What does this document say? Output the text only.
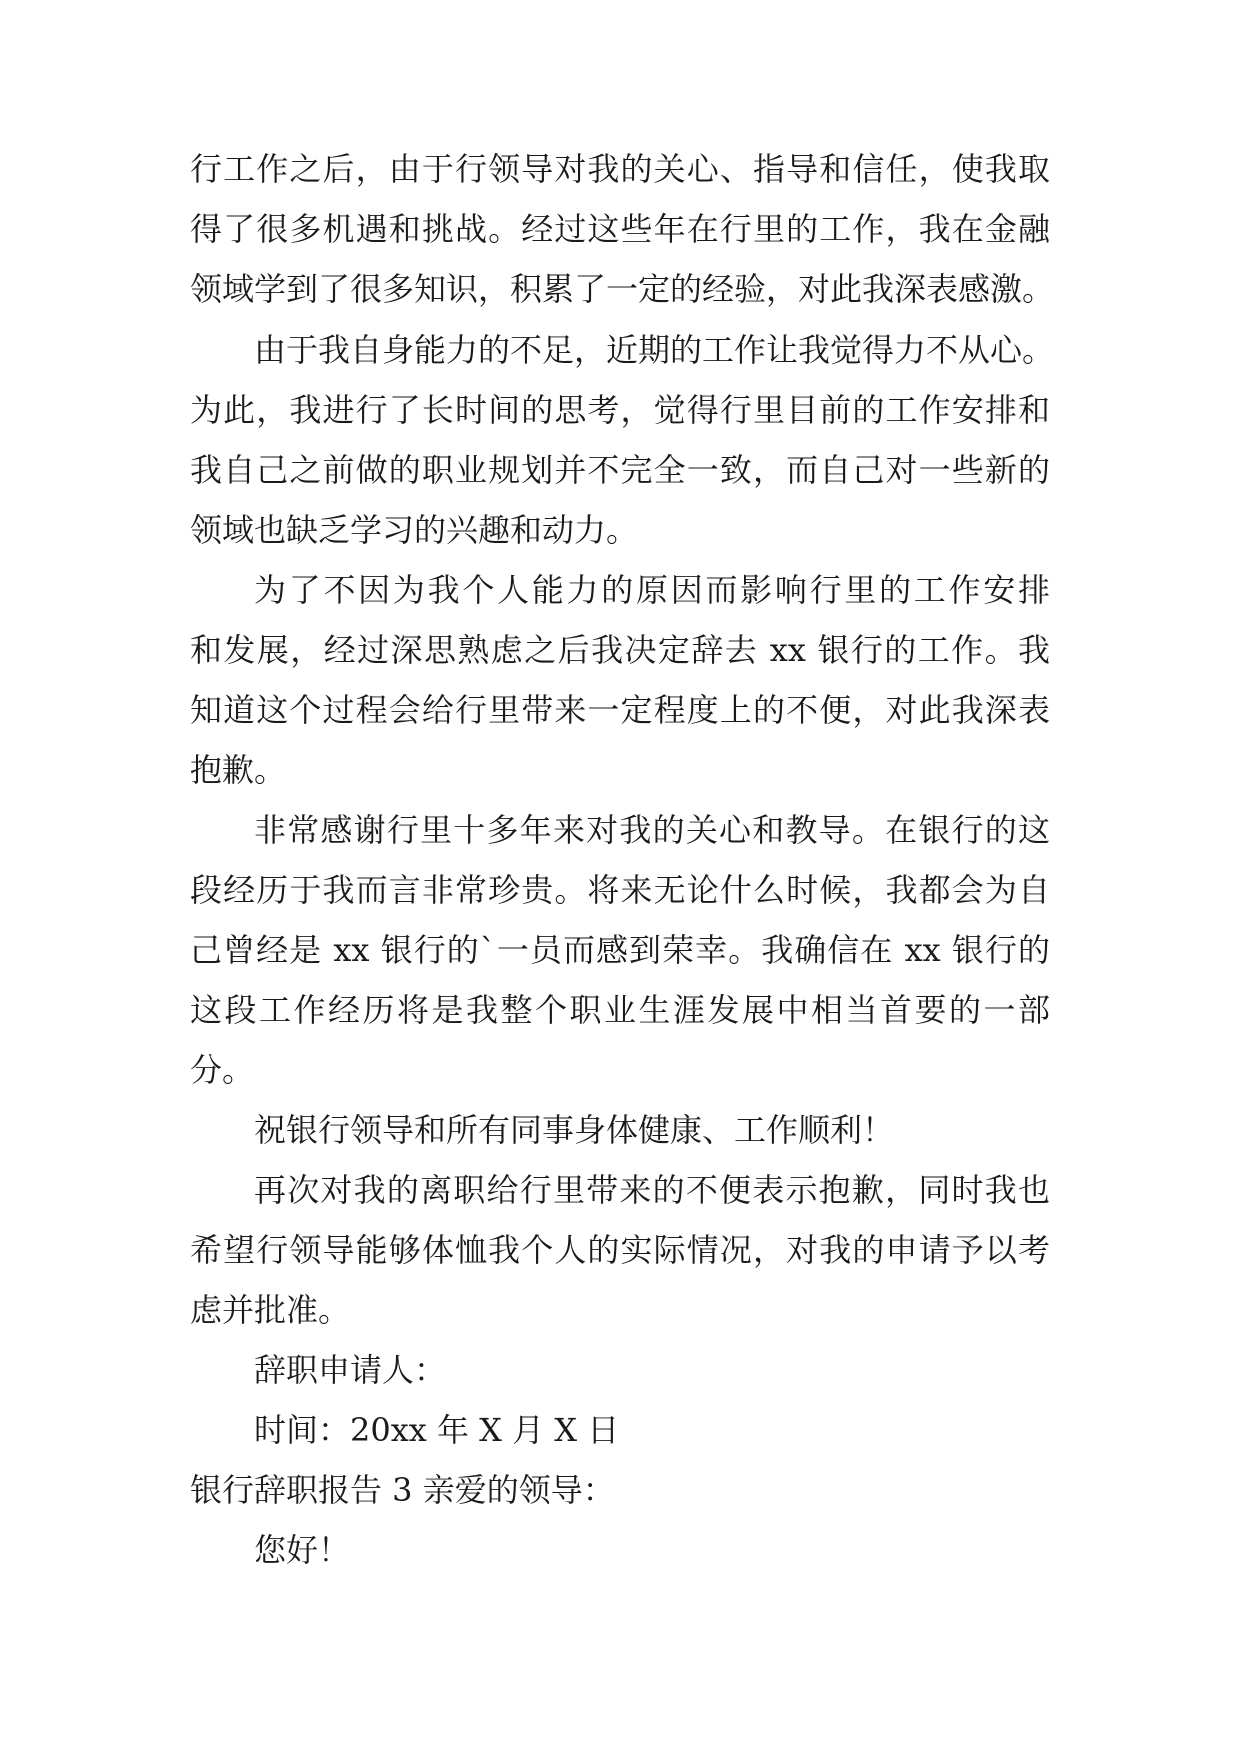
行工作之后，由于行领导对我的关心、指导和信任，使我取
得了很多机遇和挑战。经过这些年在行里的工作，我在金融
领域学到了很多知识，积累了一定的经验，对此我深表感激。
由于我自身能力的不足，近期的工作让我觉得力不从心。
为此，我进行了长时间的思考，觉得行里目前的工作安排和
我自己之前做的职业规划并不完全一致，而自己对一些新的
领域也缺乏学习的兴趣和动力。
为了不因为我个人能力的原因而影响行里的工作安排
和发展，经过深思熟虑之后我决定辞去 xx 银行的工作。我
知道这个过程会给行里带来一定程度上的不便，对此我深表
抱歉。
非常感谢行里十多年来对我的关心和教导。在银行的这
段经历于我而言非常珍贵。将来无论什么时候，我都会为自
己曾经是 xx 银行的`一员而感到荣幸。我确信在 xx 银行的
这段工作经历将是我整个职业生涯发展中相当首要的一部
分。
祝银行领导和所有同事身体健康、工作顺利！
再次对我的离职给行里带来的不便表示抱歉，同时我也
希望行领导能够体恤我个人的实际情况，对我的申请予以考
虑并批准。
辞职申请人：
时间：20xx 年 X 月 X 日
银行辞职报告 3 亲爱的领导：
您好！
